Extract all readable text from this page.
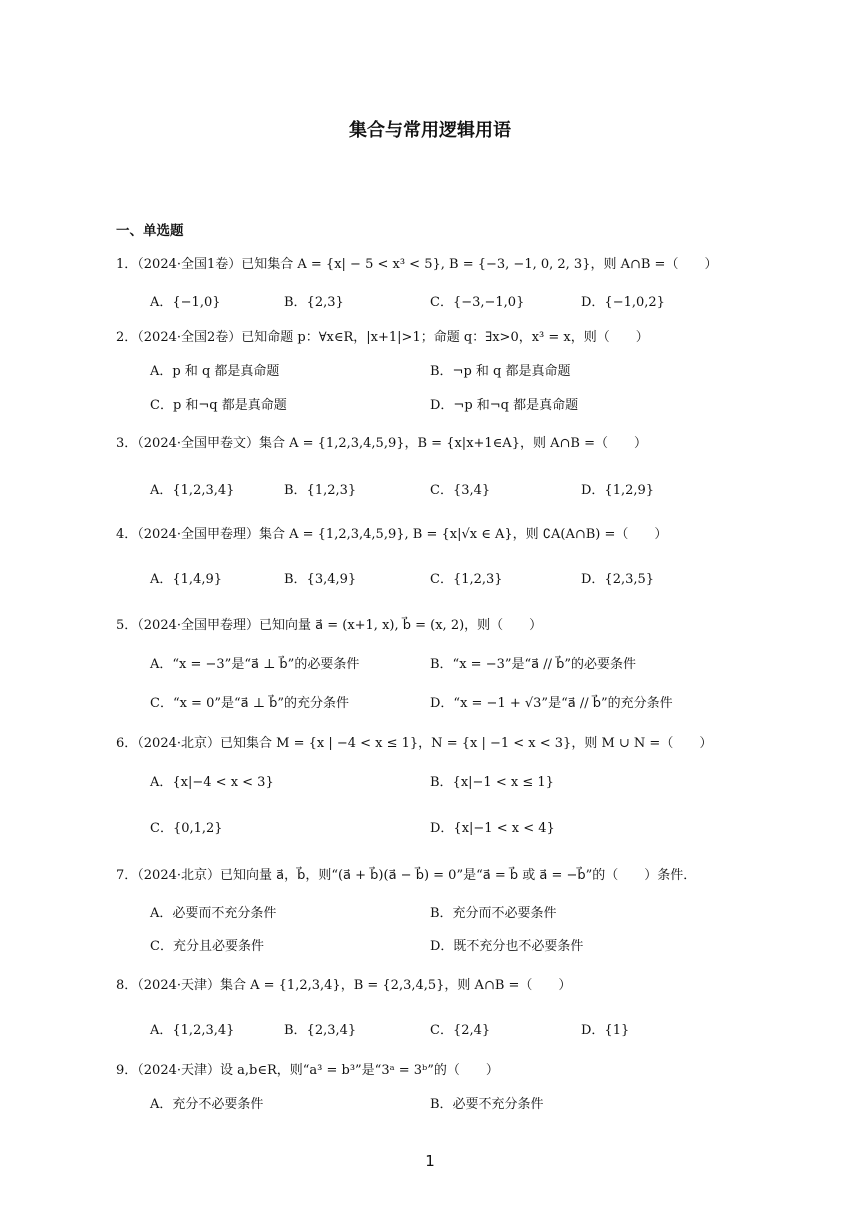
集合与常用逻辑用语
一、单选题
1．（2024·全国1卷）已知集合 A = {x| − 5 < x³ < 5}, B = {−3, −1, 0, 2, 3}，则 A∩B =（　　）
A．{−1,0}	B．{2,3}	C．{−3,−1,0}	D．{−1,0,2}
2．（2024·全国2卷）已知命题 p：∀x∈R，|x+1|>1；命题 q：∃x>0，x³ = x，则（　　）
A．p 和 q 都是真命题	B．¬p 和 q 都是真命题
C．p 和¬q 都是真命题	D．¬p 和¬q 都是真命题
3．（2024·全国甲卷文）集合 A = {1,2,3,4,5,9}，B = {x|x+1∈A}，则 A∩B =（　　）
A．{1,2,3,4}	B．{1,2,3}	C．{3,4}	D．{1,2,9}
4．（2024·全国甲卷理）集合 A = {1,2,3,4,5,9}, B = {x|√x ∈ A}，则 ∁A(A∩B) =（　　）
A．{1,4,9}	B．{3,4,9}	C．{1,2,3}	D．{2,3,5}
5．（2024·全国甲卷理）已知向量 a⃗ = (x+1, x), b⃗ = (x, 2)，则（　　）
A．“x = −3”是“a⃗ ⊥ b⃗”的必要条件	B．“x = −3”是“a⃗ // b⃗”的必要条件
C．“x = 0”是“a⃗ ⊥ b⃗”的充分条件	D．“x = −1 + √3”是“a⃗ // b⃗”的充分条件
6．（2024·北京）已知集合 M = {x | −4 < x ≤ 1}，N = {x | −1 < x < 3}，则 M ∪ N =（　　）
A．{x|−4 < x < 3}	B．{x|−1 < x ≤ 1}
C．{0,1,2}	D．{x|−1 < x < 4}
7．（2024·北京）已知向量 a⃗，b⃗，则“(a⃗ + b⃗)(a⃗ − b⃗) = 0”是“a⃗ = b⃗ 或 a⃗ = −b⃗”的（　　）条件．
A．必要而不充分条件	B．充分而不必要条件
C．充分且必要条件	D．既不充分也不必要条件
8．（2024·天津）集合 A = {1,2,3,4}，B = {2,3,4,5}，则 A∩B =（　　）
A．{1,2,3,4}	B．{2,3,4}	C．{2,4}	D．{1}
9．（2024·天津）设 a,b∈R，则“a³ = b³”是“3ᵃ = 3ᵇ”的（　　）
A．充分不必要条件	B．必要不充分条件
1
